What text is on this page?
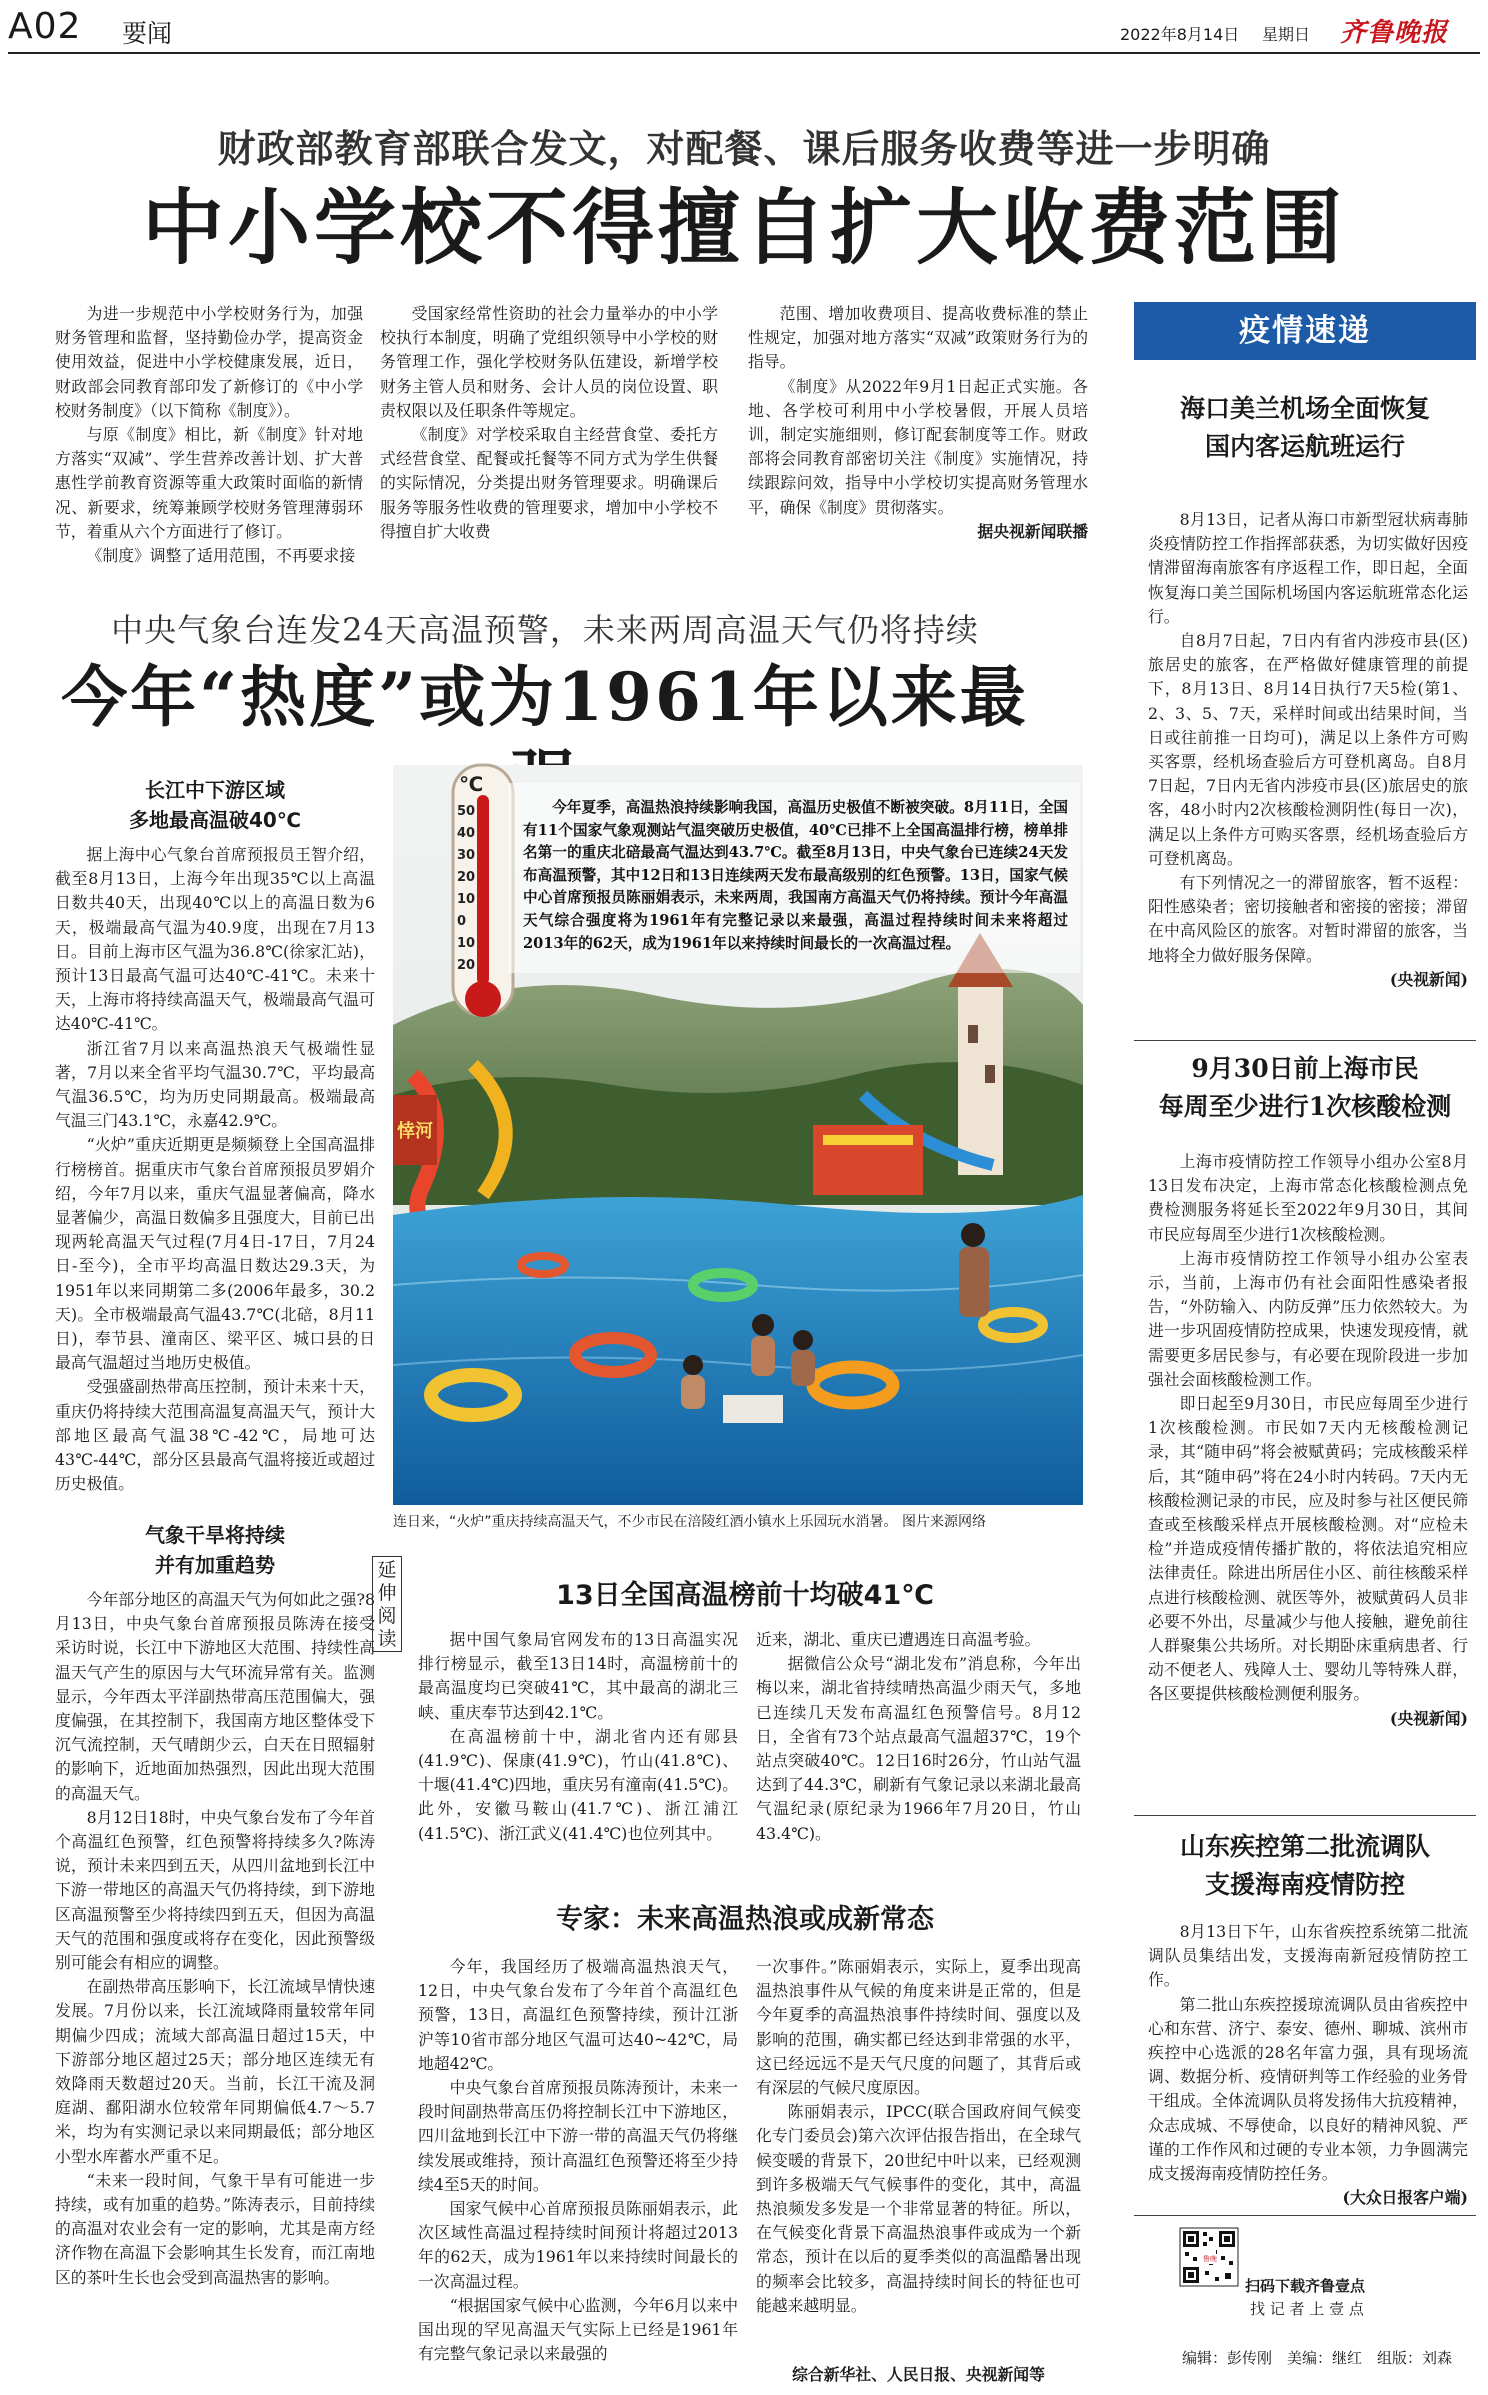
A02 要闻	2022年8月14日 星期日 齐鲁晚报
财政部教育部联合发文，对配餐、课后服务收费等进一步明确
中小学校不得擅自扩大收费范围

为进一步规范中小学校财务行为，加强财务管理和监督，坚持勤俭办学，提高资金使用效益，促进中小学校健康发展，近日，财政部会同教育部印发了新修订的《中小学校财务制度》（以下简称《制度》）。

与原《制度》相比，新《制度》针对地方落实“双减”、学生营养改善计划、扩大普惠性学前教育资源等重大政策时面临的新情况、新要求，统筹兼顾学校财务管理薄弱环节，着重从六个方面进行了修订。

《制度》调整了适用范围，不再要求接

受国家经常性资助的社会力量举办的中小学校执行本制度，明确了党组织领导中小学校的财务管理工作，强化学校财务队伍建设，新增学校财务主管人员和财务、会计人员的岗位设置、职责权限以及任职条件等规定。

《制度》对学校采取自主经营食堂、委托方式经营食堂、配餐或托餐等不同方式为学生供餐的实际情况，分类提出财务管理要求。明确课后服务等服务性收费的管理要求，增加中小学校不得擅自扩大收费

范围、增加收费项目、提高收费标准的禁止性规定，加强对地方落实“双减”政策财务行为的指导。

《制度》从2022年9月1日起正式实施。各地、各学校可利用中小学校暑假，开展人员培训，制定实施细则，修订配套制度等工作。财政部将会同教育部密切关注《制度》实施情况，持续跟踪问效，指导中小学校切实提高财务管理水平，确保《制度》贯彻落实。

据央视新闻联播
中央气象台连发24天高温预警，未来两周高温天气仍将持续
今年“热度”或为1961年以来最
长江中下游区域
多地最高温破40℃

据上海中心气象台首席预报员王智介绍，截至8月13日，上海今年出现35℃以上高温日数共40天，出现40℃以上的高温日数为6天，极端最高气温为40.9度，出现在7月13日。目前上海市区气温为36.8℃(徐家汇站)，预计13日最高气温可达40℃-41℃。未来十天，上海市将持续高温天气，极端最高气温可达40℃-41℃。

浙江省7月以来高温热浪天气极端性显著，7月以来全省平均气温30.7℃，平均最高气温36.5℃，均为历史同期最高。极端最高气温三门43.1℃，永嘉42.9℃。

“火炉”重庆近期更是频频登上全国高温排行榜榜首。据重庆市气象台首席预报员罗娟介绍，今年7月以来，重庆气温显著偏高，降水显著偏少，高温日数偏多且强度大，目前已出现两轮高温天气过程(7月4日-17日，7月24日-至今)，全市平均高温日数达29.3天，为1951年以来同期第二多(2006年最多，30.2天)。全市极端最高气温43.7℃(北碚，8月11日)，奉节县、潼南区、梁平区、城口县的日最高气温超过当地历史极值。

受强盛副热带高压控制，预计未来十天，重庆仍将持续大范围高温复高温天气，预计大部地区最高气温38℃-42℃，局地可达43℃-44℃，部分区县最高气温将接近或超过历史极值。

气象干旱将持续
并有加重趋势

今年部分地区的高温天气为何如此之强?8月13日，中央气象台首席预报员陈涛在接受采访时说，长江中下游地区大范围、持续性高温天气产生的原因与大气环流异常有关。监测显示，今年西太平洋副热带高压范围偏大，强度偏强，在其控制下，我国南方地区整体受下沉气流控制，天气晴朗少云，白天在日照辐射的影响下，近地面加热强烈，因此出现大范围的高温天气。

8月12日18时，中央气象台发布了今年首个高温红色预警，红色预警将持续多久?陈涛说，预计未来四到五天，从四川盆地到长江中下游一带地区的高温天气仍将持续，到下游地区高温预警至少将持续四到五天，但因为高温天气的范围和强度或将存在变化，因此预警级别可能会有相应的调整。

在副热带高压影响下，长江流域旱情快速发展。7月份以来，长江流域降雨量较常年同期偏少四成；流域大部高温日超过15天，中下游部分地区超过25天；部分地区连续无有效降雨天数超过20天。当前，长江干流及洞庭湖、鄱阳湖水位较常年同期偏低4.7～5.7米，均为有实测记录以来同期最低；部分地区小型水库蓄水严重不足。

“未来一段时间，气象干旱有可能进一步持续，或有加重的趋势。”陈涛表示，目前持续的高温对农业会有一定的影响，尤其是南方经济作物在高温下会影响其生长发育，而江南地区的茶叶生长也会受到高温热害的影响。

℃
50
40
30
20
10
0
10
20
悻河
今年夏季，高温热浪持续影响我国，高温历史极值不断被突破。8月11日，全国有11个国家气象观测站气温突破历史极值，40℃已排不上全国高温排行榜，榜单排名第一的重庆北碚最高气温达到43.7℃。截至8月13日，中央气象台已连续24天发布高温预警，其中12日和13日连续两天发布最高级别的红色预警。13日，国家气候中心首席预报员陈丽娟表示，未来两周，我国南方高温天气仍将持续。预计今年高温天气综合强度将为1961年有完整记录以来最强，高温过程持续时间未来将超过2013年的62天，成为1961年以来持续时间最长的一次高温过程。
连日来，“火炉”重庆持续高温天气，不少市民在涪陵红酒小镇水上乐园玩水消暑。 图片来源网络
延伸阅读
13日全国高温榜前十均破41℃

据中国气象局官网发布的13日高温实况排行榜显示，截至13日14时，高温榜前十的最高温度均已突破41℃，其中最高的湖北三峡、重庆奉节达到42.1℃。

在高温榜前十中，湖北省内还有郧县(41.9℃)、保康(41.9℃)，竹山(41.8℃)、十堰(41.4℃)四地，重庆另有潼南(41.5℃)。此外，安徽马鞍山(41.7℃)、浙江浦江(41.5℃)、浙江武义(41.4℃)也位列其中。

近来，湖北、重庆已遭遇连日高温考验。

据微信公众号“湖北发布”消息称，今年出梅以来，湖北省持续晴热高温少雨天气，多地已连续几天发布高温红色预警信号。8月12日，全省有73个站点最高气温超37℃，19个站点突破40℃。12日16时26分，竹山站气温达到了44.3℃，刷新有气象记录以来湖北最高气温纪录(原纪录为1966年7月20日，竹山43.4℃)。

专家：未来高温热浪或成新常态

今年，我国经历了极端高温热浪天气，12日，中央气象台发布了今年首个高温红色预警，13日，高温红色预警持续，预计江浙沪等10省市部分地区气温可达40~42℃，局地超42℃。

中央气象台首席预报员陈涛预计，未来一段时间副热带高压仍将控制长江中下游地区，四川盆地到长江中下游一带的高温天气仍将继续发展或维持，预计高温红色预警还将至少持续4至5天的时间。

国家气候中心首席预报员陈丽娟表示，此次区域性高温过程持续时间预计将超过2013年的62天，成为1961年以来持续时间最长的一次高温过程。

“根据国家气候中心监测，今年6月以来中国出现的罕见高温天气实际上已经是1961年有完整气象记录以来最强的

一次事件。”陈丽娟表示，实际上，夏季出现高温热浪事件从气候的角度来讲是正常的，但是今年夏季的高温热浪事件持续时间、强度以及影响的范围，确实都已经达到非常强的水平，这已经远远不是天气尺度的问题了，其背后或有深层的气候尺度原因。

陈丽娟表示，IPCC(联合国政府间气候变化专门委员会)第六次评估报告指出，在全球气候变暖的背景下，20世纪中叶以来，已经观测到许多极端天气气候事件的变化，其中，高温热浪频发多发是一个非常显著的特征。所以，在气候变化背景下高温热浪事件或成为一个新常态，预计在以后的夏季类似的高温酷暑出现的频率会比较多，高温持续时间长的特征也可能越来越明显。

综合新华社、人民日报、央视新闻等
疫情速递
海口美兰机场全面恢复
国内客运航班运行

8月13日，记者从海口市新型冠状病毒肺炎疫情防控工作指挥部获悉，为切实做好因疫情滞留海南旅客有序返程工作，即日起，全面恢复海口美兰国际机场国内客运航班常态化运行。

自8月7日起，7日内有省内涉疫市县(区)旅居史的旅客，在严格做好健康管理的前提下，8月13日、8月14日执行7天5检(第1、2、3、5、7天，采样时间或出结果时间，当日或往前推一日均可)，满足以上条件方可购买客票，经机场查验后方可登机离岛。自8月7日起，7日内无省内涉疫市县(区)旅居史的旅客，48小时内2次核酸检测阴性(每日一次)，满足以上条件方可购买客票，经机场查验后方可登机离岛。

有下列情况之一的滞留旅客，暂不返程：阳性感染者；密切接触者和密接的密接；滞留在中高风险区的旅客。对暂时滞留的旅客，当地将全力做好服务保障。

(央视新闻)
9月30日前上海市民
每周至少进行1次核酸检测

上海市疫情防控工作领导小组办公室8月13日发布决定，上海市常态化核酸检测点免费检测服务将延长至2022年9月30日，其间市民应每周至少进行1次核酸检测。

上海市疫情防控工作领导小组办公室表示，当前，上海市仍有社会面阳性感染者报告，“外防输入、内防反弹”压力依然较大。为进一步巩固疫情防控成果，快速发现疫情，就需要更多居民参与，有必要在现阶段进一步加强社会面核酸检测工作。

即日起至9月30日，市民应每周至少进行1次核酸检测。市民如7天内无核酸检测记录，其“随申码”将会被赋黄码；完成核酸采样后，其“随申码”将在24小时内转码。7天内无核酸检测记录的市民，应及时参与社区便民筛查或至核酸采样点开展核酸检测。对“应检未检”并造成疫情传播扩散的，将依法追究相应法律责任。除进出所居住小区、前往核酸采样点进行核酸检测、就医等外，被赋黄码人员非必要不外出，尽量减少与他人接触，避免前往人群聚集公共场所。对长期卧床重病患者、行动不便老人、残障人士、婴幼儿等特殊人群，各区要提供核酸检测便利服务。

(央视新闻)
山东疾控第二批流调队
支援海南疫情防控

8月13日下午，山东省疾控系统第二批流调队员集结出发，支援海南新冠疫情防控工作。

第二批山东疾控援琼流调队员由省疾控中心和东营、济宁、泰安、德州、聊城、滨州市疾控中心选派的28名年富力强，具有现场流调、数据分析、疫情研判等工作经验的业务骨干组成。全体流调队员将发扬伟大抗疫精神，众志成城、不辱使命，以良好的精神风貌、严谨的工作作风和过硬的专业本领，力争圆满完成支援海南疫情防控任务。

(大众日报客户端)
鲁晚
扫码下载齐鲁壹点
找 记 者 上 壹 点
编辑：彭传刚　美编：继红　组版：刘森
